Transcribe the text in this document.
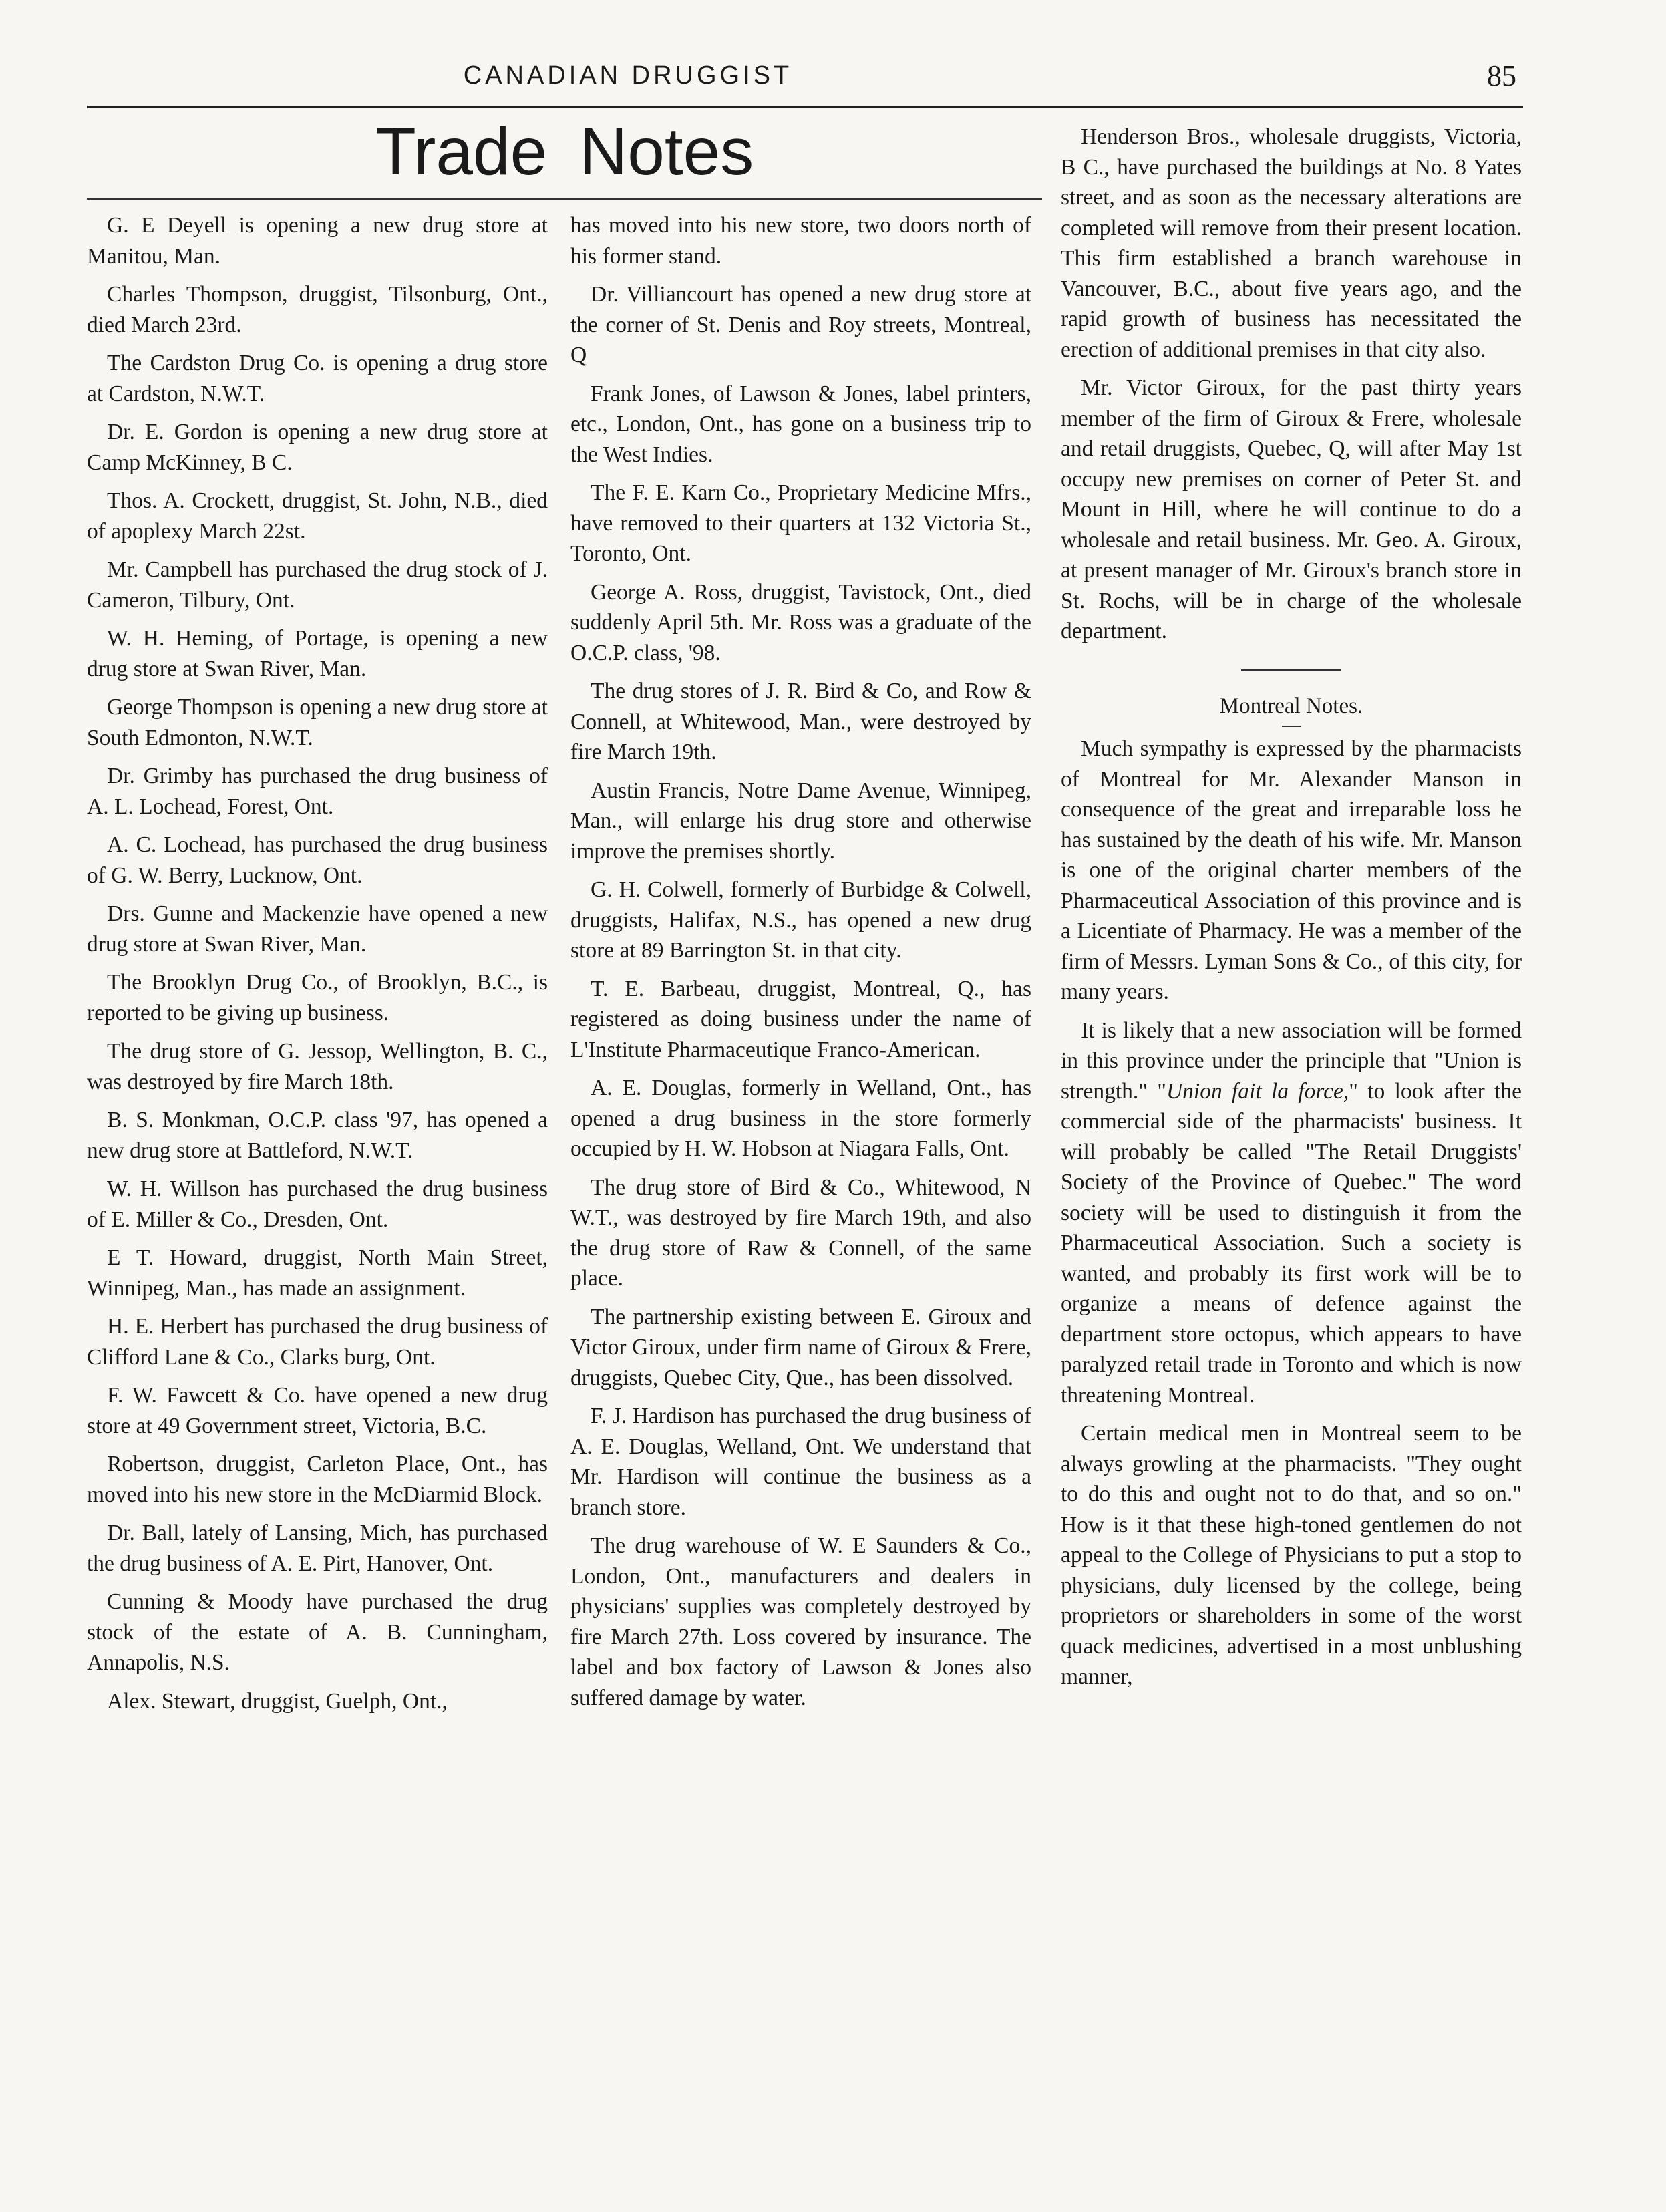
CANADIAN DRUGGIST	85
Trade Notes

G. E Deyell is opening a new drug store at Manitou, Man.

Charles Thompson, druggist, Tilsonburg, Ont., died March 23rd.

The Cardston Drug Co. is opening a drug store at Cardston, N.W.T.

Dr. E. Gordon is opening a new drug store at Camp McKinney, B C.

Thos. A. Crockett, druggist, St. John, N.B., died of apoplexy March 22st.

Mr. Campbell has purchased the drug stock of J. Cameron, Tilbury, Ont.

W. H. Heming, of Portage, is opening a new drug store at Swan River, Man.

George Thompson is opening a new drug store at South Edmonton, N.W.T.

Dr. Grimby has purchased the drug business of A. L. Lochead, Forest, Ont.

A. C. Lochead, has purchased the drug business of G. W. Berry, Lucknow, Ont.

Drs. Gunne and Mackenzie have opened a new drug store at Swan River, Man.

The Brooklyn Drug Co., of Brooklyn, B.C., is reported to be giving up business.

The drug store of G. Jessop, Wellington, B. C., was destroyed by fire March 18th.

B. S. Monkman, O.C.P. class '97, has opened a new drug store at Battleford, N.W.T.

W. H. Willson has purchased the drug business of E. Miller & Co., Dresden, Ont.

E T. Howard, druggist, North Main Street, Winnipeg, Man., has made an assignment.

H. E. Herbert has purchased the drug business of Clifford Lane & Co., Clarks burg, Ont.

F. W. Fawcett & Co. have opened a new drug store at 49 Government street, Victoria, B.C.

Robertson, druggist, Carleton Place, Ont., has moved into his new store in the McDiarmid Block.

Dr. Ball, lately of Lansing, Mich, has purchased the drug business of A. E. Pirt, Hanover, Ont.

Cunning & Moody have purchased the drug stock of the estate of A. B. Cunningham, Annapolis, N.S.

Alex. Stewart, druggist, Guelph, Ont.,

has moved into his new store, two doors north of his former stand.

Dr. Villiancourt has opened a new drug store at the corner of St. Denis and Roy streets, Montreal, Q

Frank Jones, of Lawson & Jones, label printers, etc., London, Ont., has gone on a business trip to the West Indies.

The F. E. Karn Co., Proprietary Medicine Mfrs., have removed to their quarters at 132 Victoria St., Toronto, Ont.

George A. Ross, druggist, Tavistock, Ont., died suddenly April 5th. Mr. Ross was a graduate of the O.C.P. class, '98.

The drug stores of J. R. Bird & Co, and Row & Connell, at Whitewood, Man., were destroyed by fire March 19th.

Austin Francis, Notre Dame Avenue, Winnipeg, Man., will enlarge his drug store and otherwise improve the premises shortly.

G. H. Colwell, formerly of Burbidge & Colwell, druggists, Halifax, N.S., has opened a new drug store at 89 Barrington St. in that city.

T. E. Barbeau, druggist, Montreal, Q., has registered as doing business under the name of L'Institute Pharmaceutique Franco-American.

A. E. Douglas, formerly in Welland, Ont., has opened a drug business in the store formerly occupied by H. W. Hobson at Niagara Falls, Ont.

The drug store of Bird & Co., Whitewood, N W.T., was destroyed by fire March 19th, and also the drug store of Raw & Connell, of the same place.

The partnership existing between E. Giroux and Victor Giroux, under firm name of Giroux & Frere, druggists, Quebec City, Que., has been dissolved.

F. J. Hardison has purchased the drug business of A. E. Douglas, Welland, Ont. We understand that Mr. Hardison will continue the business as a branch store.

The drug warehouse of W. E Saunders & Co., London, Ont., manufacturers and dealers in physicians' supplies was completely destroyed by fire March 27th. Loss covered by insurance. The label and box factory of Lawson & Jones also suffered damage by water.

Henderson Bros., wholesale druggists, Victoria, B C., have purchased the buildings at No. 8 Yates street, and as soon as the necessary alterations are completed will remove from their present location. This firm established a branch warehouse in Vancouver, B.C., about five years ago, and the rapid growth of business has necessitated the erection of additional premises in that city also.

Mr. Victor Giroux, for the past thirty years member of the firm of Giroux & Frere, wholesale and retail druggists, Quebec, Q, will after May 1st occupy new premises on corner of Peter St. and Mount in Hill, where he will continue to do a wholesale and retail business. Mr. Geo. A. Giroux, at present manager of Mr. Giroux's branch store in St. Rochs, will be in charge of the wholesale department.

Montreal Notes.

Much sympathy is expressed by the pharmacists of Montreal for Mr. Alexander Manson in consequence of the great and irreparable loss he has sustained by the death of his wife. Mr. Manson is one of the original charter members of the Pharmaceutical Association of this province and is a Licentiate of Pharmacy. He was a member of the firm of Messrs. Lyman Sons & Co., of this city, for many years.

It is likely that a new association will be formed in this province under the principle that "Union is strength." "Union fait la force," to look after the commercial side of the pharmacists' business. It will probably be called "The Retail Druggists' Society of the Province of Quebec." The word society will be used to distinguish it from the Pharmaceutical Association. Such a society is wanted, and probably its first work will be to organize a means of defence against the department store octopus, which appears to have paralyzed retail trade in Toronto and which is now threatening Montreal.

Certain medical men in Montreal seem to be always growling at the pharmacists. "They ought to do this and ought not to do that, and so on." How is it that these high-toned gentlemen do not appeal to the College of Physicians to put a stop to physicians, duly licensed by the college, being proprietors or shareholders in some of the worst quack medicines, advertised in a most unblushing manner,
